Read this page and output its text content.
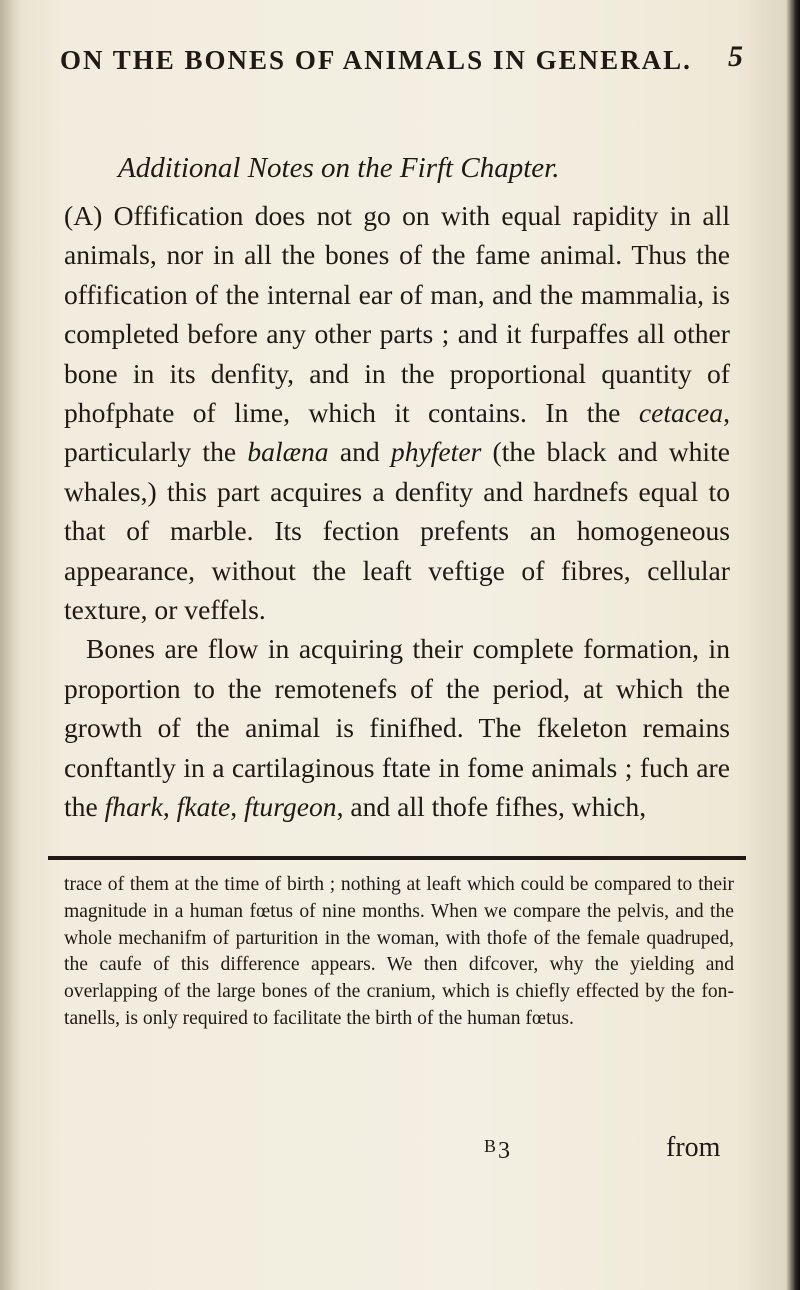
ON THE BONES OF ANIMALS IN GENERAL. 5
Additional Notes on the Firft Chapter.

(A) Offification does not go on with equal rapidity in all animals, nor in all the bones of the fame animal. Thus the offification of the internal ear of man, and the mammalia, is completed before any other parts ; and it furpaffes all other bone in its denfity, and in the proportional quantity of phofphate of lime, which it contains. In the cetacea, particularly the balæna and phyfeter (the black and white whales,) this part acquires a denfity and hardnefs equal to that of marble. Its fection prefents an homogeneous appearance, without the leaft veftige of fibres, cellular texture, or veffels.

Bones are flow in acquiring their complete formation, in proportion to the remotenefs of the period, at which the growth of the animal is finifhed. The fkeleton remains conftantly in a cartilaginous ftate in fome animals ; fuch are the fhark, fkate, fturgeon, and all thofe fifhes, which,

trace of them at the time of birth ; nothing at leaft which could be compared to their magnitude in a human fœtus of nine months. When we compare the pelvis, and the whole mechanifm of parturition in the woman, with thofe of the female quadruped, the caufe of this difference appears. We then difcover, why the yielding and overlapping of the large bones of the cranium, which is chiefly effected by the fontanells, is only required to facilitate the birth of the human fœtus.
$^B$3	from
